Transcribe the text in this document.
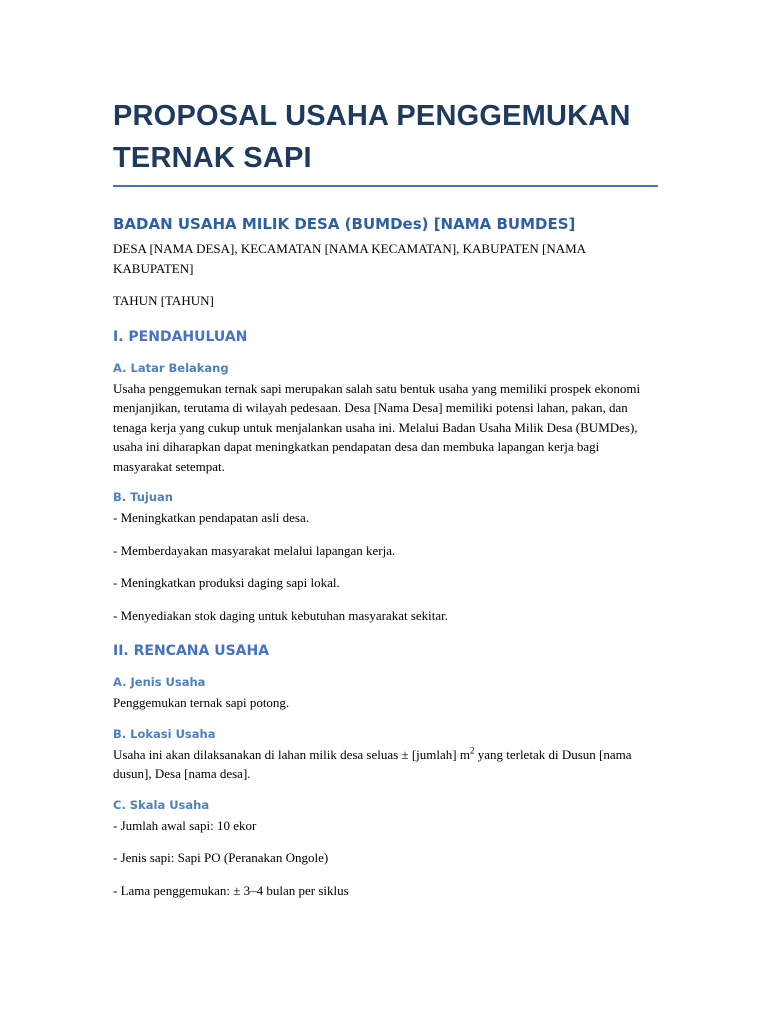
PROPOSAL USAHA PENGGEMUKAN TERNAK SAPI
BADAN USAHA MILIK DESA (BUMDes) [NAMA BUMDES]

DESA [NAMA DESA], KECAMATAN [NAMA KECAMATAN], KABUPATEN [NAMA KABUPATEN]

TAHUN [TAHUN]

I. PENDAHULUAN
A. Latar Belakang

Usaha penggemukan ternak sapi merupakan salah satu bentuk usaha yang memiliki prospek ekonomi menjanjikan, terutama di wilayah pedesaan. Desa [Nama Desa] memiliki potensi lahan, pakan, dan tenaga kerja yang cukup untuk menjalankan usaha ini. Melalui Badan Usaha Milik Desa (BUMDes), usaha ini diharapkan dapat meningkatkan pendapatan desa dan membuka lapangan kerja bagi masyarakat setempat.

B. Tujuan

- Meningkatkan pendapatan asli desa.

- Memberdayakan masyarakat melalui lapangan kerja.

- Meningkatkan produksi daging sapi lokal.

- Menyediakan stok daging untuk kebutuhan masyarakat sekitar.

II. RENCANA USAHA
A. Jenis Usaha

Penggemukan ternak sapi potong.

B. Lokasi Usaha

Usaha ini akan dilaksanakan di lahan milik desa seluas ± [jumlah] $m^2$ yang terletak di Dusun [nama dusun], Desa [nama desa].

C. Skala Usaha

- Jumlah awal sapi: 10 ekor

- Jenis sapi: Sapi PO (Peranakan Ongole)

- Lama penggemukan: ± 3–4 bulan per siklus
